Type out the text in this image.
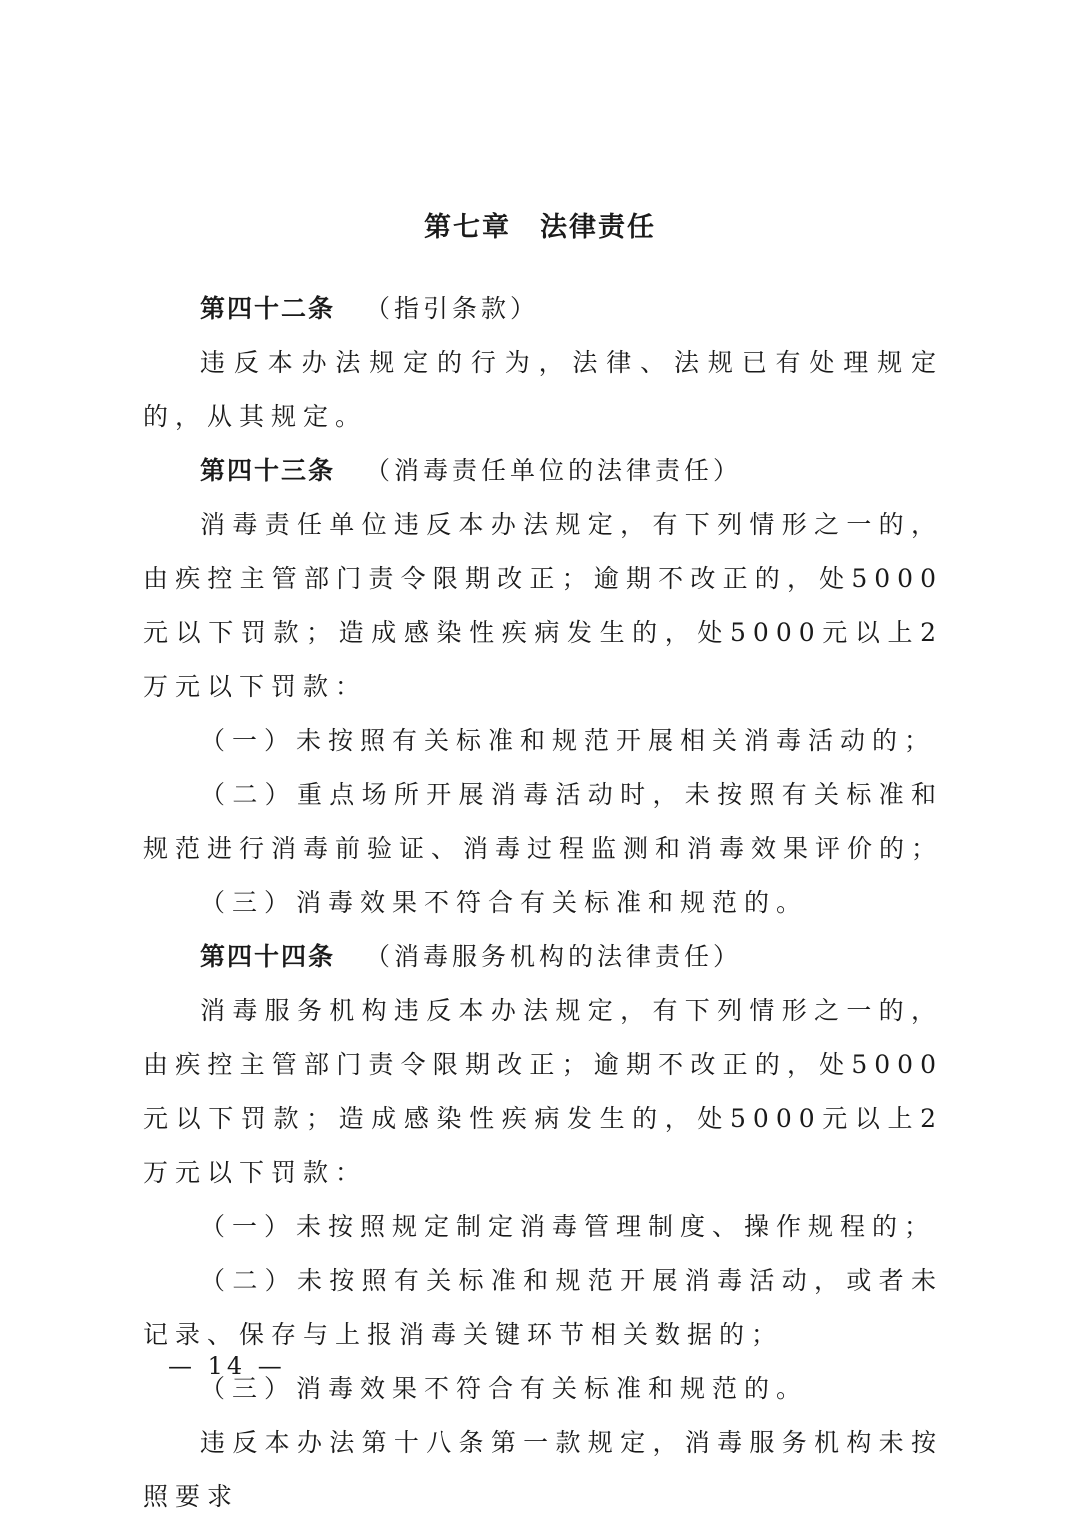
第七章　法律责任

第四十二条 （指引条款）

违反本办法规定的行为，法律、法规已有处理规定的，从其规定。

第四十三条 （消毒责任单位的法律责任）

消毒责任单位违反本办法规定，有下列情形之一的，由疾控主管部门责令限期改正；逾期不改正的，处5000元以下罚款；造成感染性疾病发生的，处5000元以上2万元以下罚款：

（一）未按照有关标准和规范开展相关消毒活动的；

（二）重点场所开展消毒活动时，未按照有关标准和规范进行消毒前验证、消毒过程监测和消毒效果评价的；

（三）消毒效果不符合有关标准和规范的。

第四十四条 （消毒服务机构的法律责任）

消毒服务机构违反本办法规定，有下列情形之一的，由疾控主管部门责令限期改正；逾期不改正的，处5000元以下罚款；造成感染性疾病发生的，处5000元以上2万元以下罚款：

（一）未按照规定制定消毒管理制度、操作规程的；

（二）未按照有关标准和规范开展消毒活动，或者未记录、保存与上报消毒关键环节相关数据的；

（三）消毒效果不符合有关标准和规范的。

违反本办法第十八条第一款规定，消毒服务机构未按照要求

— 14 —
